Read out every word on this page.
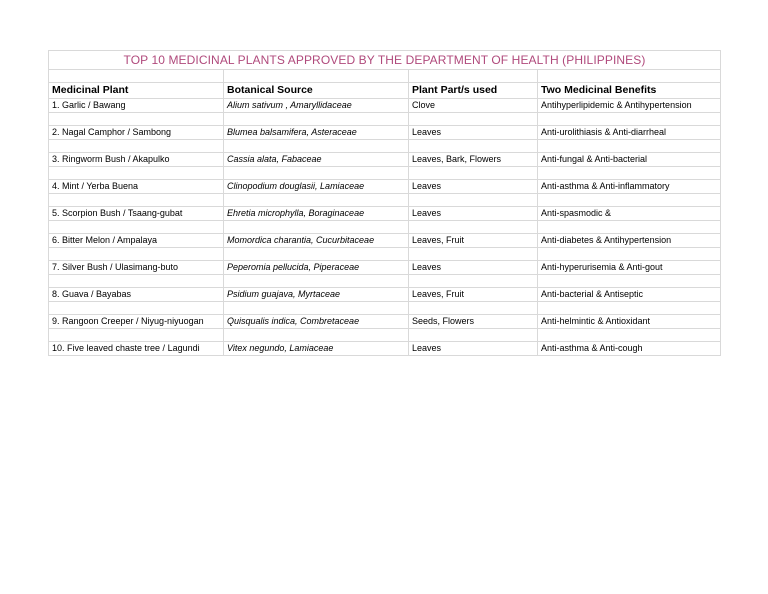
TOP 10 MEDICINAL PLANTS APPROVED BY THE DEPARTMENT OF HEALTH (PHILIPPINES)			

Medicinal Plant	Botanical Source	Plant Part/s used	Two Medicinal Benefits
1. Garlic / Bawang	Alium sativum , Amaryllidaceae	Clove	Antihyperlipidemic & Antihypertension

2. Nagal Camphor / Sambong	Blumea balsamifera, Asteraceae	Leaves	Anti-urolithiasis & Anti-diarrheal

3. Ringworm Bush / Akapulko	Cassia alata, Fabaceae	Leaves, Bark, Flowers	Anti-fungal & Anti-bacterial

4. Mint / Yerba Buena	Clinopodium douglasii, Lamiaceae	Leaves	Anti-asthma & Anti-inflammatory

5. Scorpion Bush / Tsaang-gubat	Ehretia microphylla, Boraginaceae	Leaves	Anti-spasmodic &

6. Bitter Melon / Ampalaya	Momordica charantia, Cucurbitaceae	Leaves, Fruit	Anti-diabetes & Antihypertension

7. Silver Bush / Ulasimang-buto	Peperomia pellucida, Piperaceae	Leaves	Anti-hyperurisemia & Anti-gout

8. Guava / Bayabas	Psidium guajava, Myrtaceae	Leaves, Fruit	Anti-bacterial & Antiseptic

9. Rangoon Creeper / Niyug-niyuogan	Quisqualis indica, Combretaceae	Seeds, Flowers	Anti-helmintic & Antioxidant

10. Five leaved chaste tree / Lagundi	Vitex negundo, Lamiaceae	Leaves	Anti-asthma & Anti-cough
